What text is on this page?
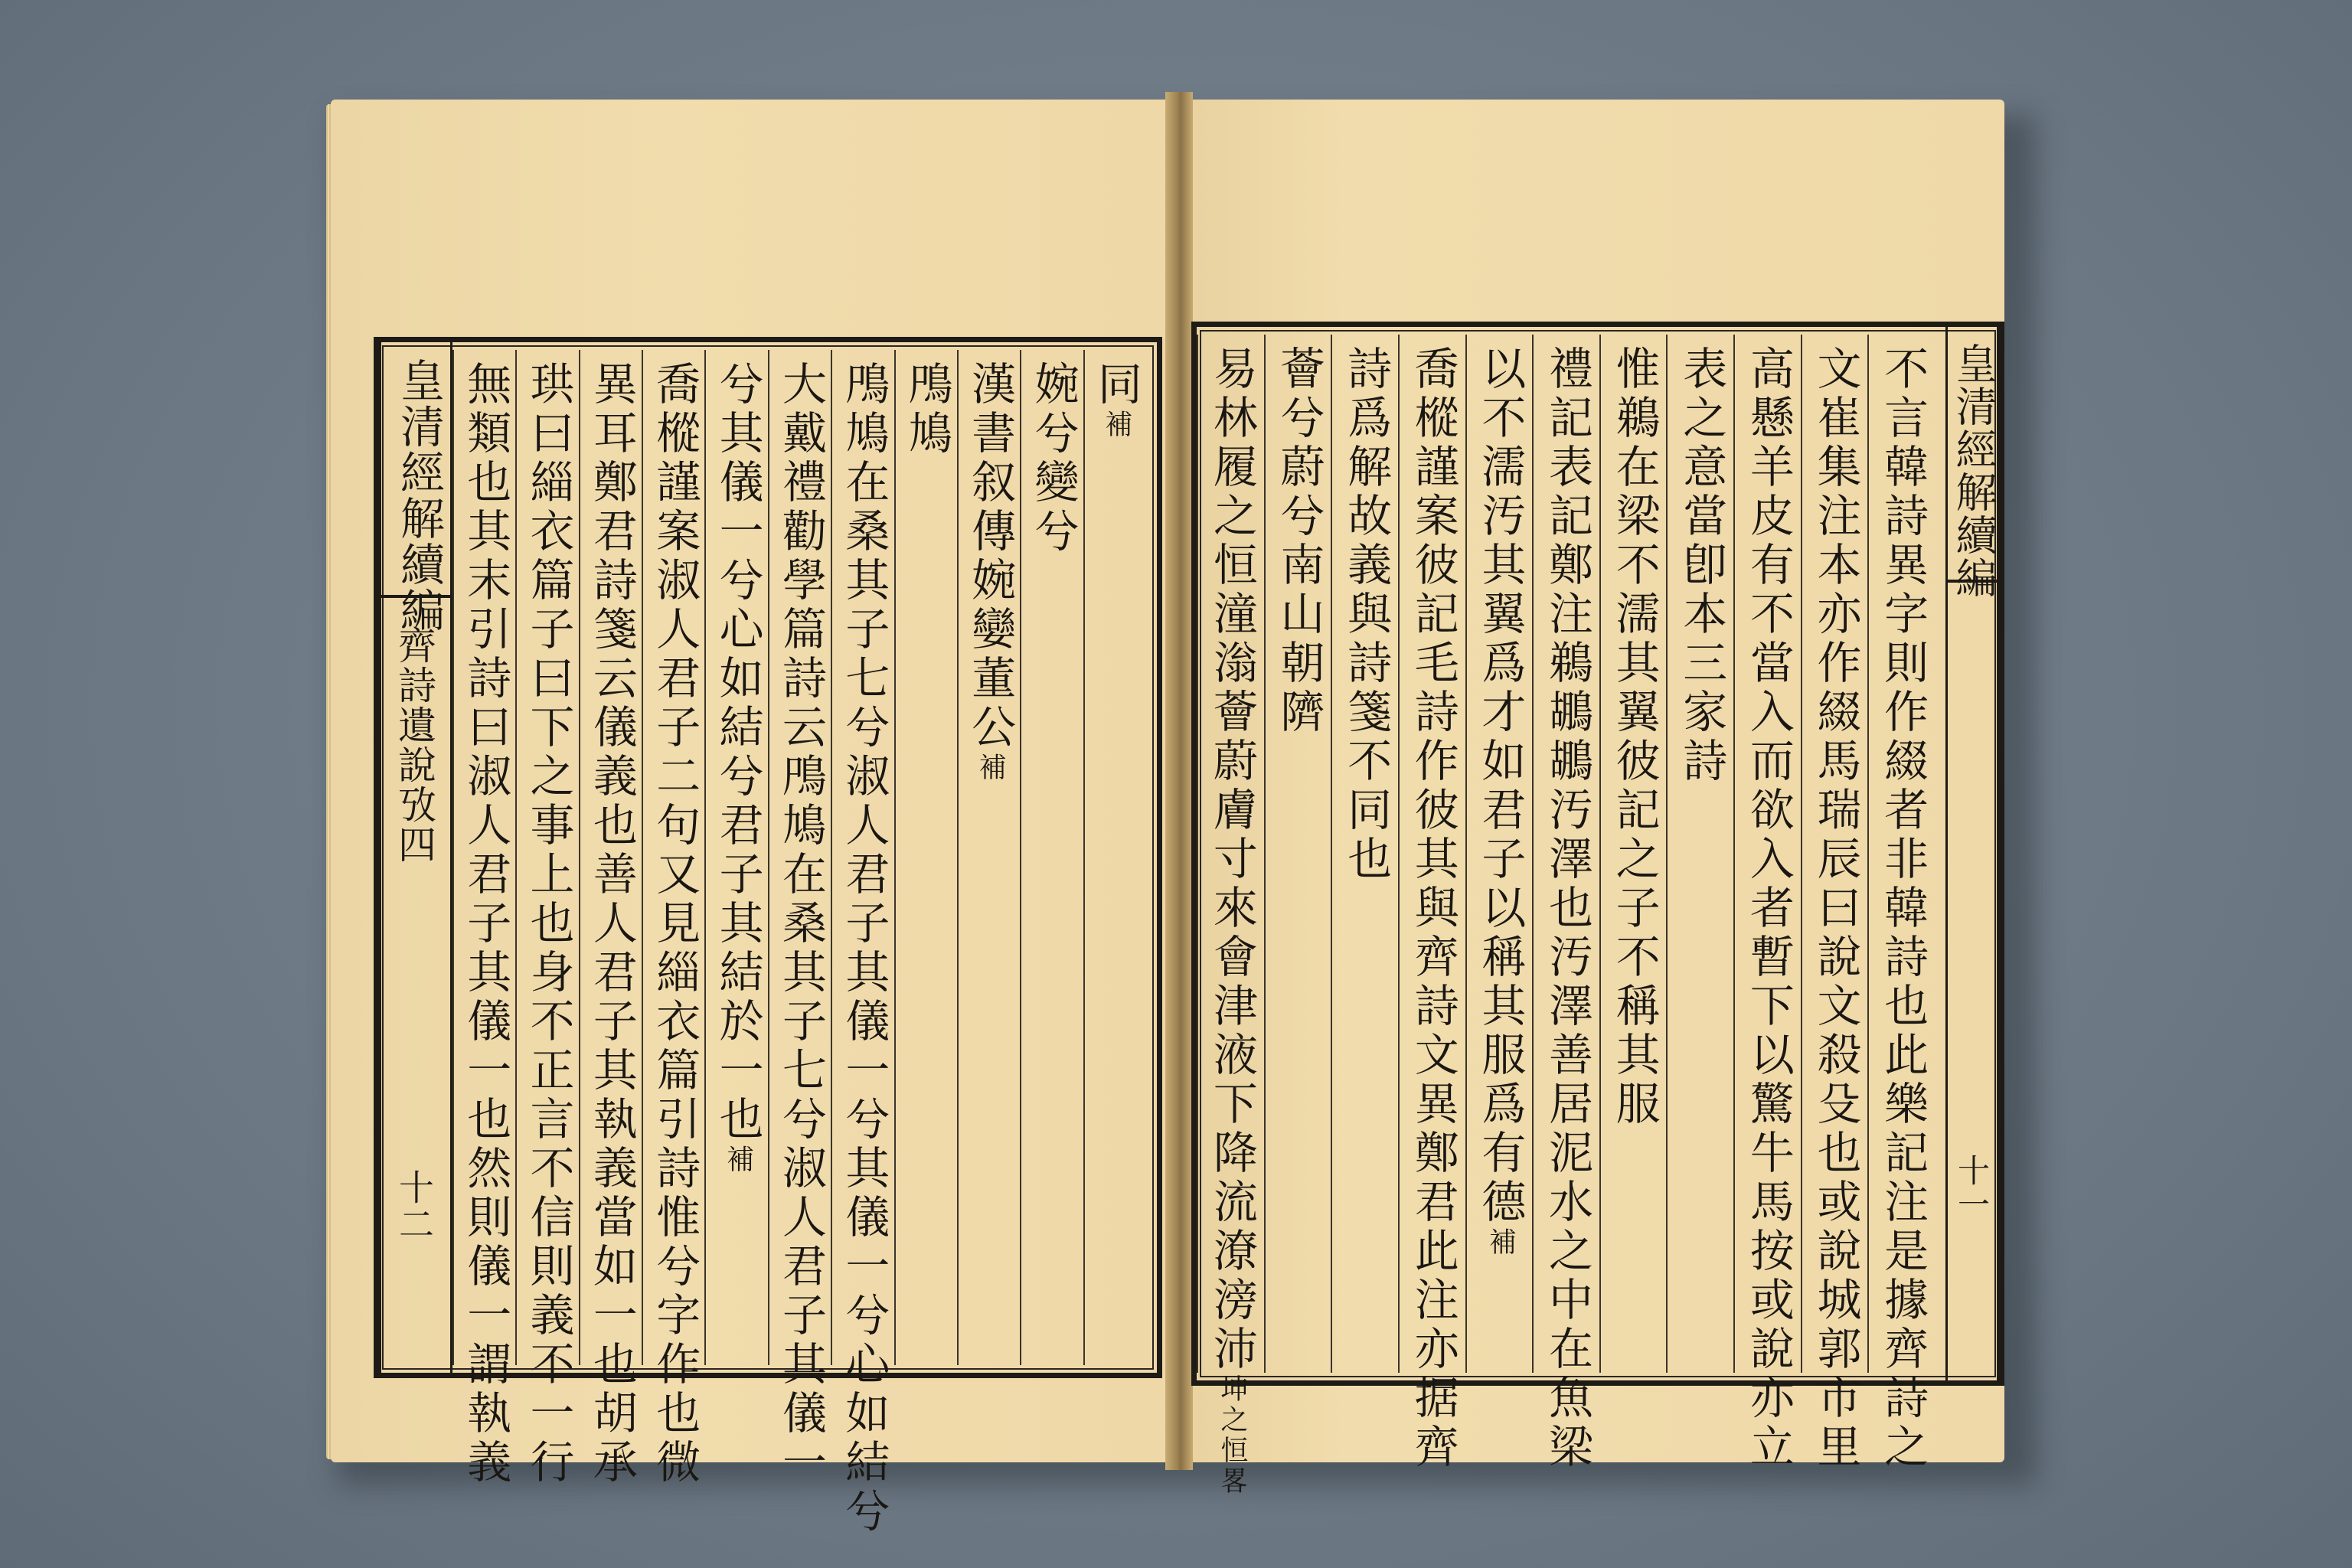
皇清經解續編
齊詩遺說攷四
十二
同補
婉兮變兮
漢書叙傳婉孌董公補
鳲鳩
鳲鳩在桑其子七兮淑人君子其儀一兮其儀一兮心如結兮
大戴禮勸學篇詩云鳲鳩在桑其子七兮淑人君子其儀一
兮其儀一兮心如結兮君子其結於一也補
喬樅謹案淑人君子二句又見緇衣篇引詩惟兮字作也微
異耳鄭君詩箋云儀義也善人君子其執義當如一也胡承
珙曰緇衣篇子曰下之事上也身不正言不信則義不一行
無類也其末引詩曰淑人君子其儀一也然則儀一謂執義	皇清經解續編
十一
不言韓詩異字則作綴者非韓詩也此樂記注是據齊詩之
文崔集注本亦作綴馬瑞辰曰說文殺殳也或說城郭市里
高懸羊皮有不當入而欲入者暫下以驚牛馬按或說亦立
表之意當卽本三家詩
惟鵜在梁不濡其翼彼記之子不稱其服
禮記表記鄭注鵜鶘鶘汚澤也汚澤善居泥水之中在魚梁
以不濡汚其翼爲才如君子以稱其服爲有德補
喬樅謹案彼記毛詩作彼其與齊詩文異鄭君此注亦据齊
詩爲解故義與詩箋不同也
薈兮蔚兮南山朝隮
易林履之恒潼滃薈蔚膚寸來會津液下降流潦滂沛坤之恒畧
